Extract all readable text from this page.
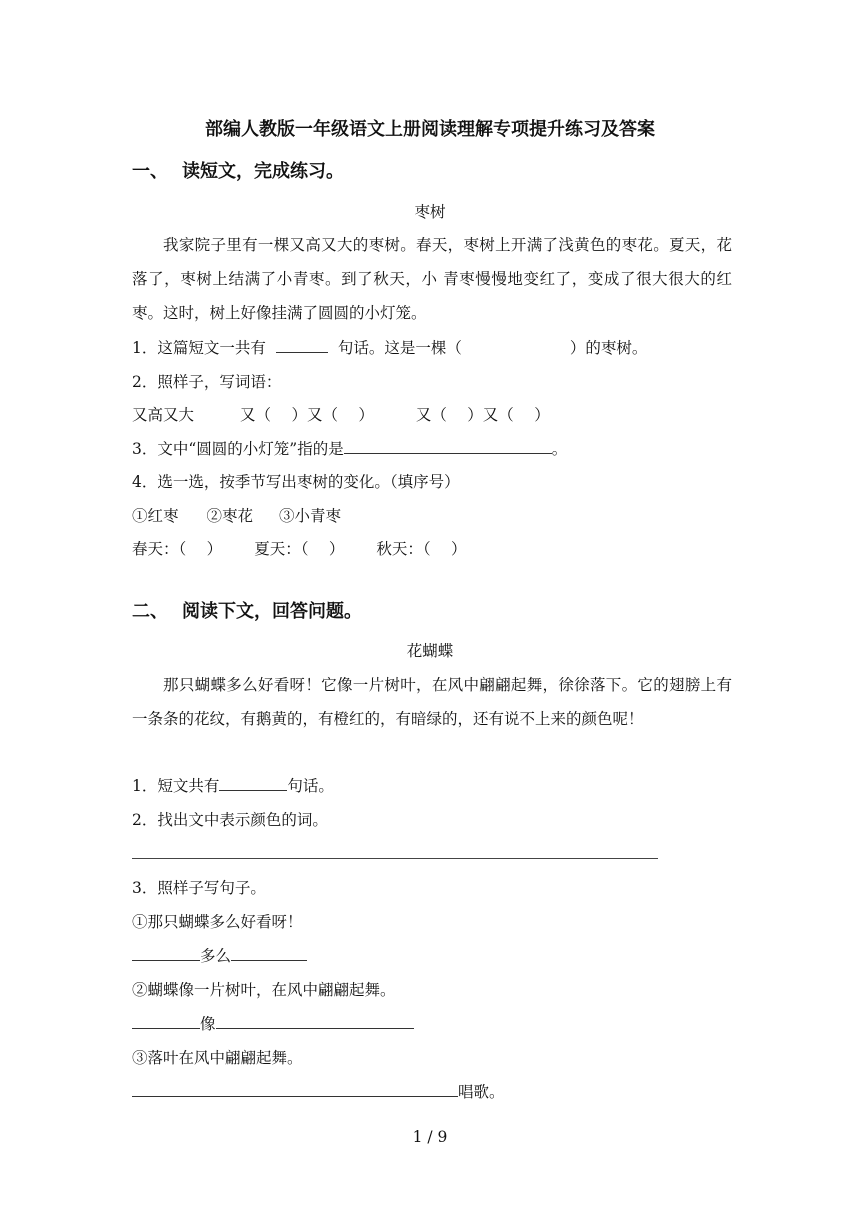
部编人教版一年级语文上册阅读理解专项提升练习及答案
一、 读短文，完成练习。
枣树
我家院子里有一棵又高又大的枣树。春天，枣树上开满了浅黄色的枣花。夏天，花落了，枣树上结满了小青枣。到了秋天，小 青枣慢慢地变红了，变成了很大很大的红枣。这时，树上好像挂满了圆圆的小灯笼。
1．这篇短文一共有	句话。这是一棵（	）的枣树。
2．照样子，写词语：
又高又大	又（　 ）又（　 ）	又（　 ）又（　 ）
3．文中“圆圆的小灯笼”指的是	。
4．选一选，按季节写出枣树的变化。（填序号）
①红枣 ②枣花 ③小青枣
春天：（　 ） 夏天：（　 ） 秋天：（　 ）
二、 阅读下文，回答问题。
花蝴蝶
那只蝴蝶多么好看呀！它像一片树叶，在风中翩翩起舞，徐徐落下。它的翅膀上有一条条的花纹，有鹅黄的，有橙红的，有暗绿的，还有说不上来的颜色呢！
1．短文共有	句话。
2．找出文中表示颜色的词。
3．照样子写句子。
①那只蝴蝶多么好看呀！
多么
②蝴蝶像一片树叶，在风中翩翩起舞。
像
③落叶在风中翩翩起舞。
唱歌。
1 / 9
